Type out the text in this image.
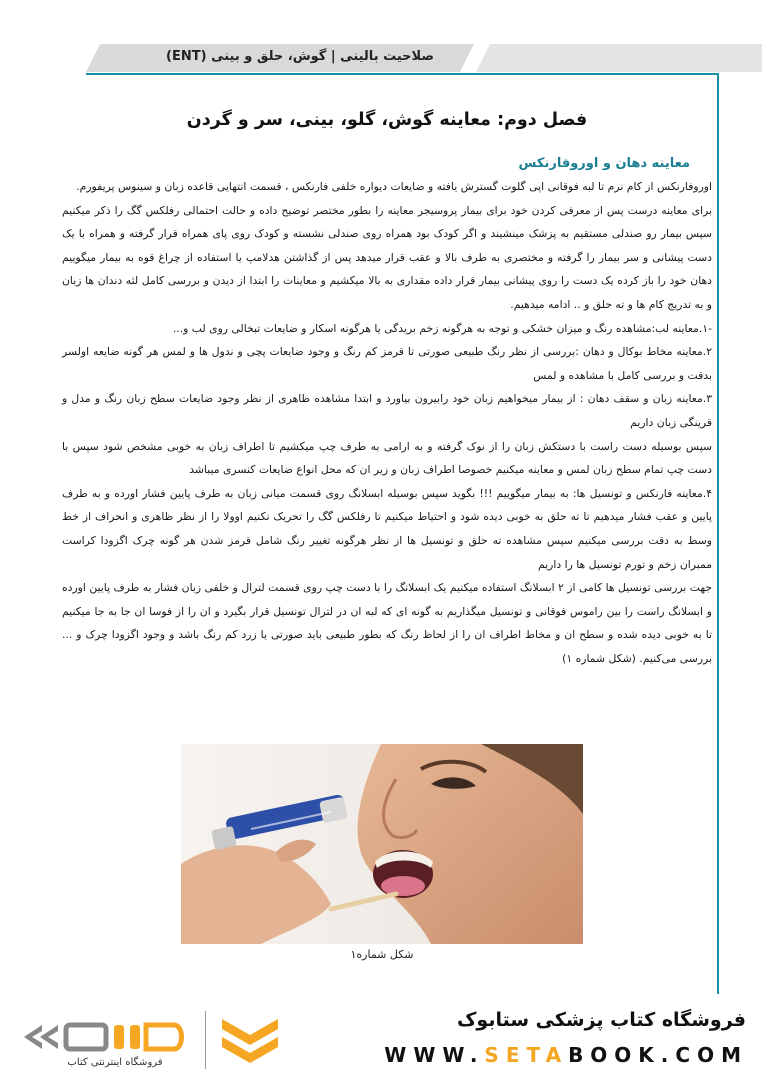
صلاحیت بالینی | گوش، حلق و بینی (ENT)
فصل دوم: معاینه گوش، گلو، بینی، سر و گردن
معاینه دهان و اوروفارنکس

اوروفارنکس از کام نرم تا لبه فوقانی اپی گلوت گسترش یافته و ضایعات دیواره خلفی فارنکس ، قسمت انتهایی قاعده زبان و سینوس پریفورم.

برای معاینه درست پس از معرفی کردن خود برای بیمار پروسیجر معاینه را بطور مختصر توضیح داده و حالت احتمالی رفلکس گگ را ذکر میکنیم سپس بیمار رو صندلی مستقیم به پزشک مینشیند و اگر کودک بود همراه روی صندلی نشسته و کودک روی پای همراه قرار گرفته و همراه با یک دست پیشانی و سر بیمار را گرفته و مختصری به طرف بالا و عقب قرار میدهد پس از گذاشتن هدلامپ یا استفاده از چراغ قوه به بیمار میگوییم دهان خود را باز کرده یک دست را روی پیشانی بیمار قرار داده مقداری به بالا میکشیم و معاینات را ابتدا از دیدن و بررسی کامل لثه دندان ها زبان و به تدریج کام ها و ته حلق و .. ادامه میدهیم.

-۱.معاینه لب:مشاهده رنگ و میزان خشکی و توجه به هرگونه زخم بریدگی یا هرگونه اسکار و ضایعات تبخالی روی لب و...

۲.معاینه مخاط بوکال و دهان :بررسی از نظر رنگ طبیعی صورتی تا قرمز کم رنگ و وجود ضایعات پچی و ندول ها و لمس هر گونه ضایعه اولسر بدقت و بررسی کامل با مشاهده و لمس

۳.معاینه زبان و سقف دهان : از بیمار میخواهیم زبان خود رابیرون بیاورد و ابتدا مشاهده ظاهری از نظر وجود ضایعات سطح زبان رنگ و مدل و قرینگی زبان داریم

سپس بوسیله دست راست با دستکش زبان را از نوک گرفته و به ارامی به طرف چپ میکشیم تا اطراف زبان به خوبی مشخص شود سپس با دست چپ تمام سطح زبان لمس و معاینه میکنیم خصوصا اطراف زبان و زیر ان که محل انواع ضایعات کنسری میباشد

۴.معاینه فارنکس و تونسیل ها: به بیمار میگوییم !!! بگوید سپس بوسیله ابسلانگ روی قسمت میانی زبان به طرف پایین فشار اورده و به طرف پایین و عقب فشار میدهیم تا ته حلق به خوبی دیده شود و احتیاط میکنیم تا رفلکس گگ را تحریک نکنیم اوولا را از نظر ظاهری و انحراف از خط وسط به دقت بررسی میکنیم سپس مشاهده ته حلق و تونسیل ها از نظر هرگونه تغییر رنگ شامل قرمز شدن هر گونه چرک اگزودا کراست ممبران زخم و تورم تونسیل ها را داریم

جهت بررسی تونسیل ها کامی از ۲ ابسلانگ استفاده میکنیم یک ابسلانگ را با دست چپ روی قسمت لترال و خلفی زبان فشار به طرف پایین اورده و ابسلانگ راست را بین راموس فوقانی و تونسیل میگذاریم به گونه ای که لبه ان در لترال تونسیل قرار بگیرد و ان را از فوسا ان جا به جا میکنیم تا به خوبی دیده شده و سطح ان و مخاط اطراف ان را از لحاظ رنگ که بطور طبیعی باید صورتی یا زرد کم رنگ باشد و وجود اگزودا چرک و ... بررسی می‌کنیم. (شکل شماره ۱)

شکل شماره۱
فروشگاه کتاب پزشکی ستابوک
WWW.SETABOOK.COM
فروشگاه اینترنتی کتاب
